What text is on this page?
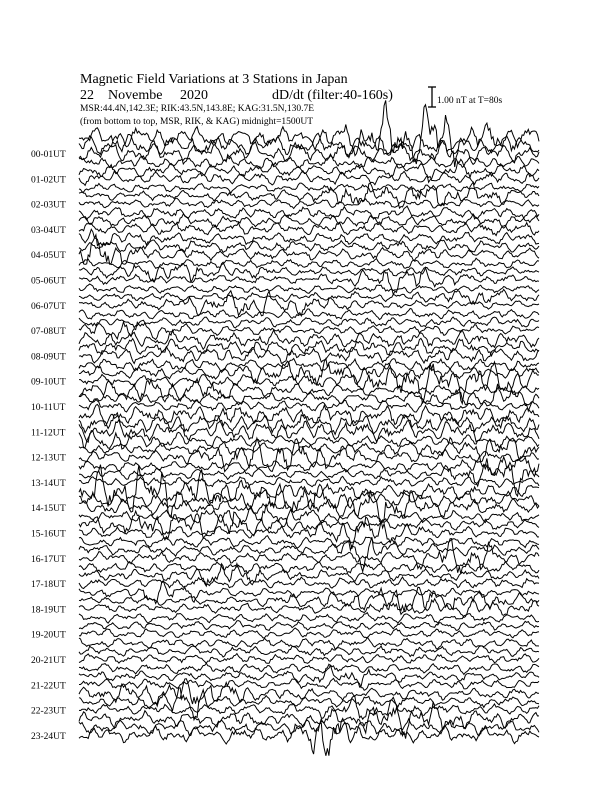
Magnetic Field Variations at 3 Stations in Japan
22 Novembe 2020	dD/dt (filter:40-160s)
MSR:44.4N,142.3E; RIK:43.5N,143.8E; KAG:31.5N,130.7E
(from bottom to top, MSR, RIK, & KAG) midnight=1500UT
1.00 nT at T=80s
00-01UT
01-02UT
02-03UT
03-04UT
04-05UT
05-06UT
06-07UT
07-08UT
08-09UT
09-10UT
10-11UT
11-12UT
12-13UT
13-14UT
14-15UT
15-16UT
16-17UT
17-18UT
18-19UT
19-20UT
20-21UT
21-22UT
22-23UT
23-24UT
